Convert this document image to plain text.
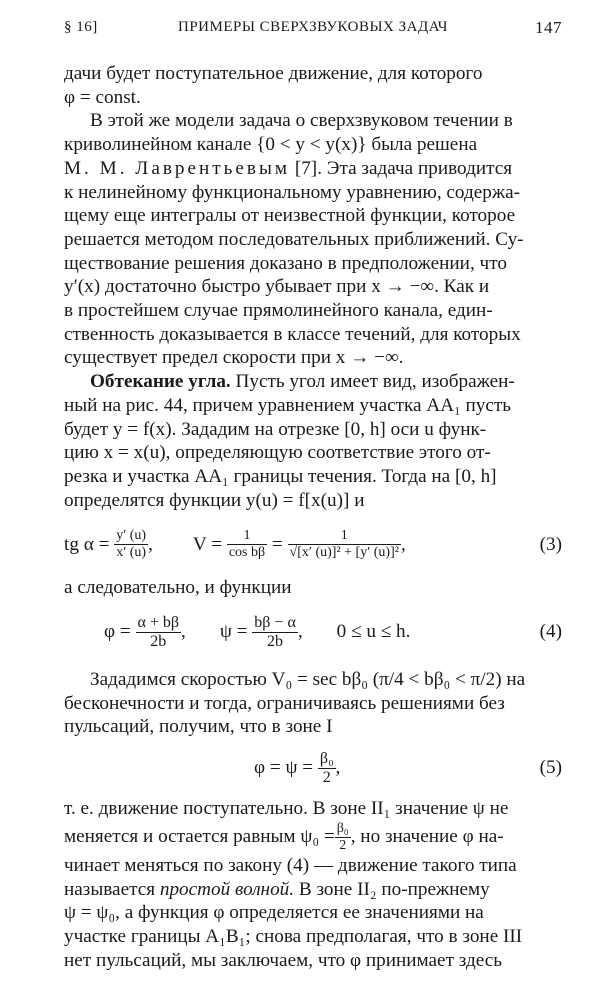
§ 16]	ПРИМЕРЫ СВЕРХЗВУКОВЫХ ЗАДАЧ	147

дачи будет поступательное движение, для которого
φ = const.

В этой же модели задача о сверхзвуковом течении в
криволинейном канале {0 < y < y(x)} была решена
М. М. Лаврентьевым [7]. Эта задача приводится
к нелинейному функциональному уравнению, содержа-
щему еще интегралы от неизвестной функции, которое
решается методом последовательных приближений. Су-
ществование решения доказано в предположении, что
y′(x) достаточно быстро убывает при x → −∞. Как и
в простейшем случае прямолинейного канала, един-
ственность доказывается в классе течений, для которых
существует предел скорости при x → −∞.

Обтекание угла. Пусть угол имеет вид, изображен-
ный на рис. 44, причем уравнением участка AA₁ пусть
будет y = f(x). Зададим на отрезке [0, h] оси u функ-
цию x = x(u), определяющую соответствие этого от-
резка и участка AA₁ границы течения. Тогда на [0, h]
определятся функции y(u) = f[x(u)] и

tg α =
$\frac{y' (u)}{x' (u)}$ , V =
$\frac{1}{\text{cos bβ}}$
=
$\frac{1}{\text{√[x′ (u)]² + [y′ (u)]²}}$ ,	(3)

а следовательно, и функции

φ =
$\frac{\alpha + b\beta}{2b}$ , ψ =
$\frac{b\beta - \alpha}{2b}$ , 0 ≤ u ≤ h.	(4)

Зададимся скоростью V₀ = sec bβ₀ (π/4 < bβ₀ < π/2) на
бесконечности и тогда, ограничиваясь решениями без
пульсаций, получим, что в зоне I

φ = ψ =
$\frac{\text{β₀}}{2}$ ,	(5)

т. е. движение поступательно. В зоне II₁ значение ψ не
меняется и остается равным $\psi_0 = \frac{\text{β₀}}{2}$ , но значение φ на-
чинает меняться по закону (4) — движение такого типа
называется простой волной. В зоне II₂ по-прежнему
ψ = ψ₀, а функция φ определяется ее значениями на
участке границы A₁B₁; снова предполагая, что в зоне III
нет пульсаций, мы заключаем, что φ принимает здесь
